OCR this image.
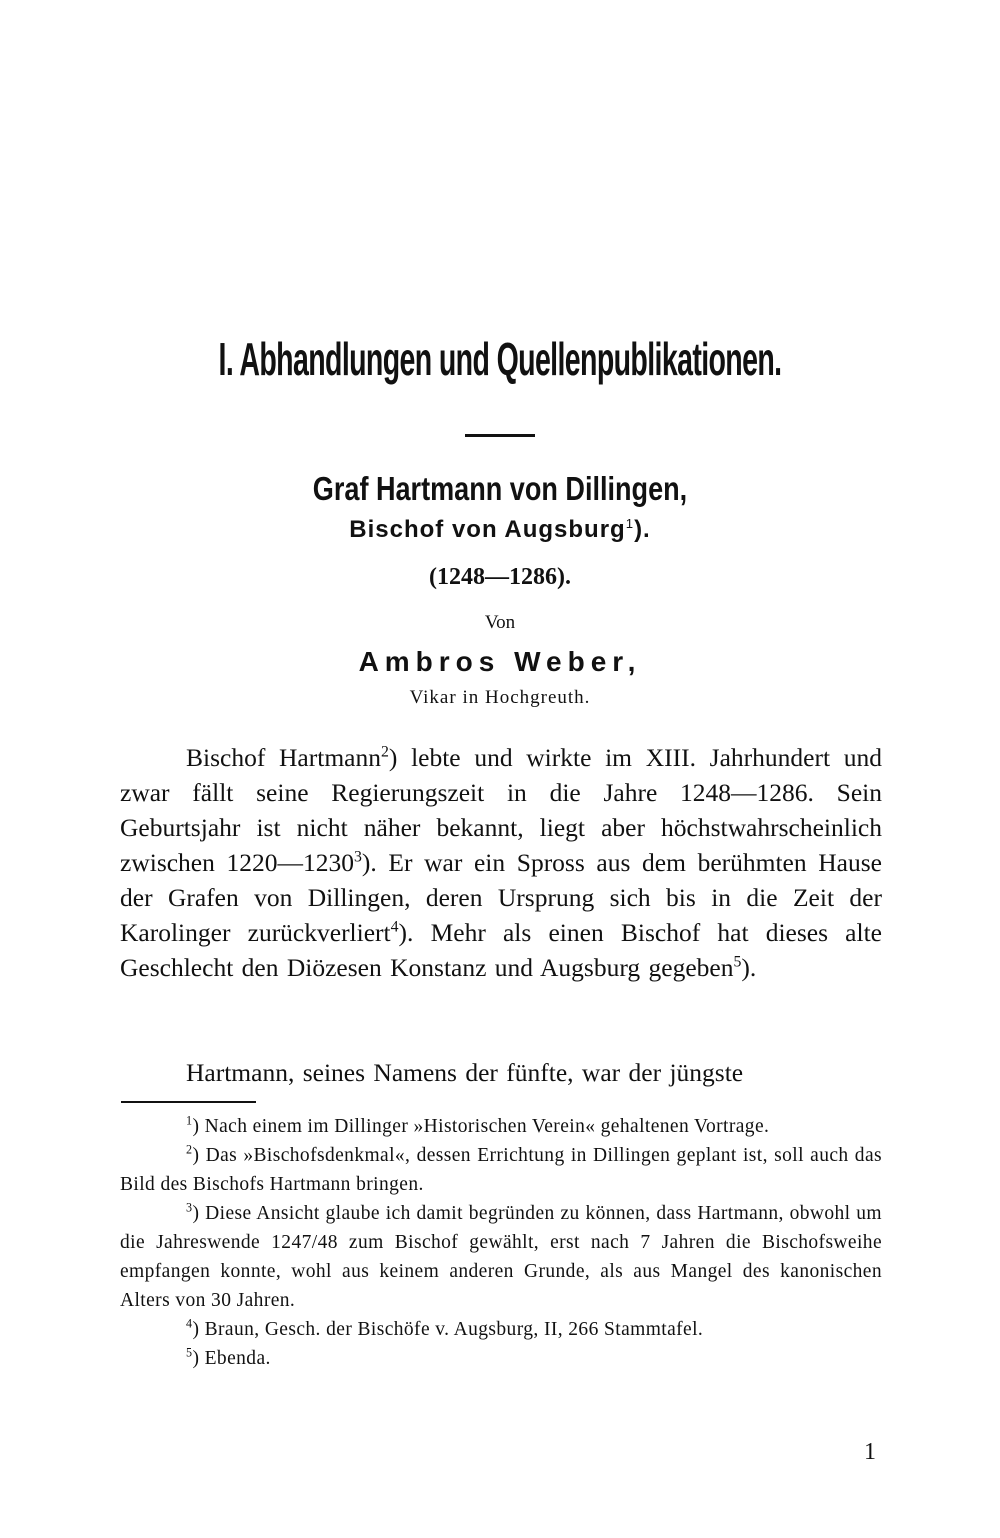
I. Abhandlungen und Quellenpublikationen.
Graf Hartmann von Dillingen,
Bischof von Augsburg$^1$).
(1248—1286).
Von
Ambros Weber,
Vikar in Hochgreuth.

Bischof Hartmann$^2$) lebte und wirkte im XIII. Jahrhundert und zwar fällt seine Regierungszeit in die Jahre 1248—1286. Sein Geburtsjahr ist nicht näher bekannt, liegt aber höchstwahrscheinlich zwischen 1220—1230$^3$). Er war ein Spross aus dem berühmten Hause der Grafen von Dillingen, deren Ursprung sich bis in die Zeit der Karolinger zurückverliert$^4$). Mehr als einen Bischof hat dieses alte Geschlecht den Diözesen Konstanz und Augsburg gegeben$^5$).

Hartmann, seines Namens der fünfte, war der jüngste

$^1$) Nach einem im Dillinger »Historischen Verein« gehaltenen Vortrage.

$^2$) Das »Bischofsdenkmal«, dessen Errichtung in Dillingen geplant ist, soll auch das Bild des Bischofs Hartmann bringen.

$^3$) Diese Ansicht glaube ich damit begründen zu können, dass Hartmann, obwohl um die Jahreswende 1247/48 zum Bischof gewählt, erst nach 7 Jahren die Bischofsweihe empfangen konnte, wohl aus keinem anderen Grunde, als aus Mangel des kanonischen Alters von 30 Jahren.

$^4$) Braun, Gesch. der Bischöfe v. Augsburg, II, 266 Stammtafel.

$^5$) Ebenda.

1
